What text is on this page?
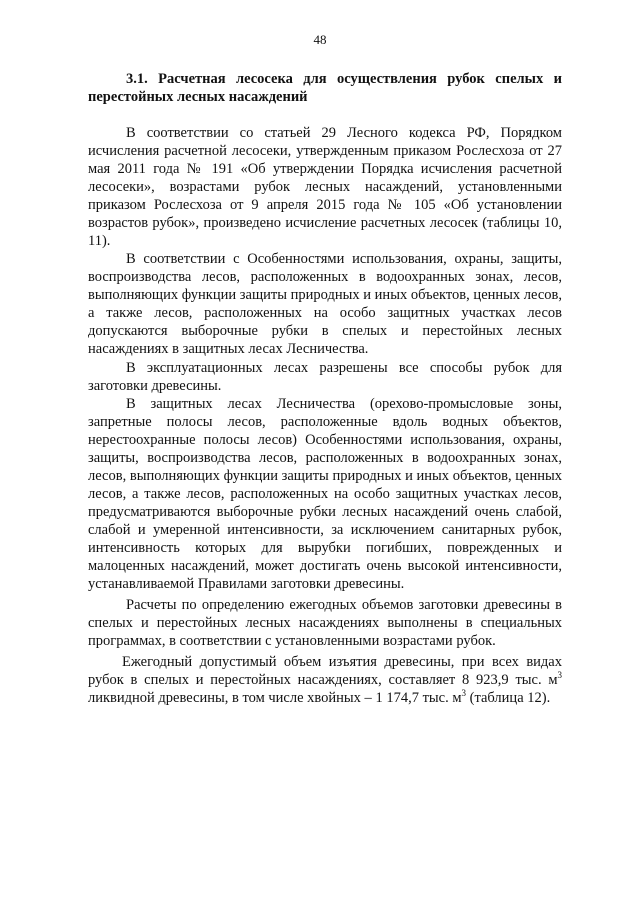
48
3.1. Расчетная лесосека для осуществления рубок спелых и перестойных лесных насаждений

В соответствии со статьей 29 Лесного кодекса РФ, Порядком исчисления расчетной лесосеки, утвержденным приказом Рослесхоза от 27 мая 2011 года № 191 «Об утверждении Порядка исчисления расчетной лесосеки», возрастами рубок лесных насаждений, установленными приказом Рослесхоза от 9 апреля 2015 года № 105 «Об установлении возрастов рубок», произведено исчисление расчетных лесосек (таблицы 10, 11).

В соответствии с Особенностями использования, охраны, защиты, воспроизводства лесов, расположенных в водоохранных зонах, лесов, выполняющих функции защиты природных и иных объектов, ценных лесов, а также лесов, расположенных на особо защитных участках лесов допускаются выборочные рубки в спелых и перестойных лесных насаждениях в защитных лесах Лесничества.

В эксплуатационных лесах разрешены все способы рубок для заготовки древесины.

В защитных лесах Лесничества (орехово-промысловые зоны, запретные полосы лесов, расположенные вдоль водных объектов, нерестоохранные полосы лесов) Особенностями использования, охраны, защиты, воспроизводства лесов, расположенных в водоохранных зонах, лесов, выполняющих функции защиты природных и иных объектов, ценных лесов, а также лесов, расположенных на особо защитных участках лесов, предусматриваются выборочные рубки лесных насаждений очень слабой, слабой и умеренной интенсивности, за исключением санитарных рубок, интенсивность которых для вырубки погибших, поврежденных и малоценных насаждений, может достигать очень высокой интенсивности, устанавливаемой Правилами заготовки древесины.

Расчеты по определению ежегодных объемов заготовки древесины в спелых и перестойных лесных насаждениях выполнены в специальных программах, в соответствии с установленными возрастами рубок.

Ежегодный допустимый объем изъятия древесины, при всех видах рубок в спелых и перестойных насаждениях, составляет 8 923,9 тыс. $м^3$ ликвидной древесины, в том числе хвойных – 1 174,7 тыс. $м^3$ (таблица 12).
